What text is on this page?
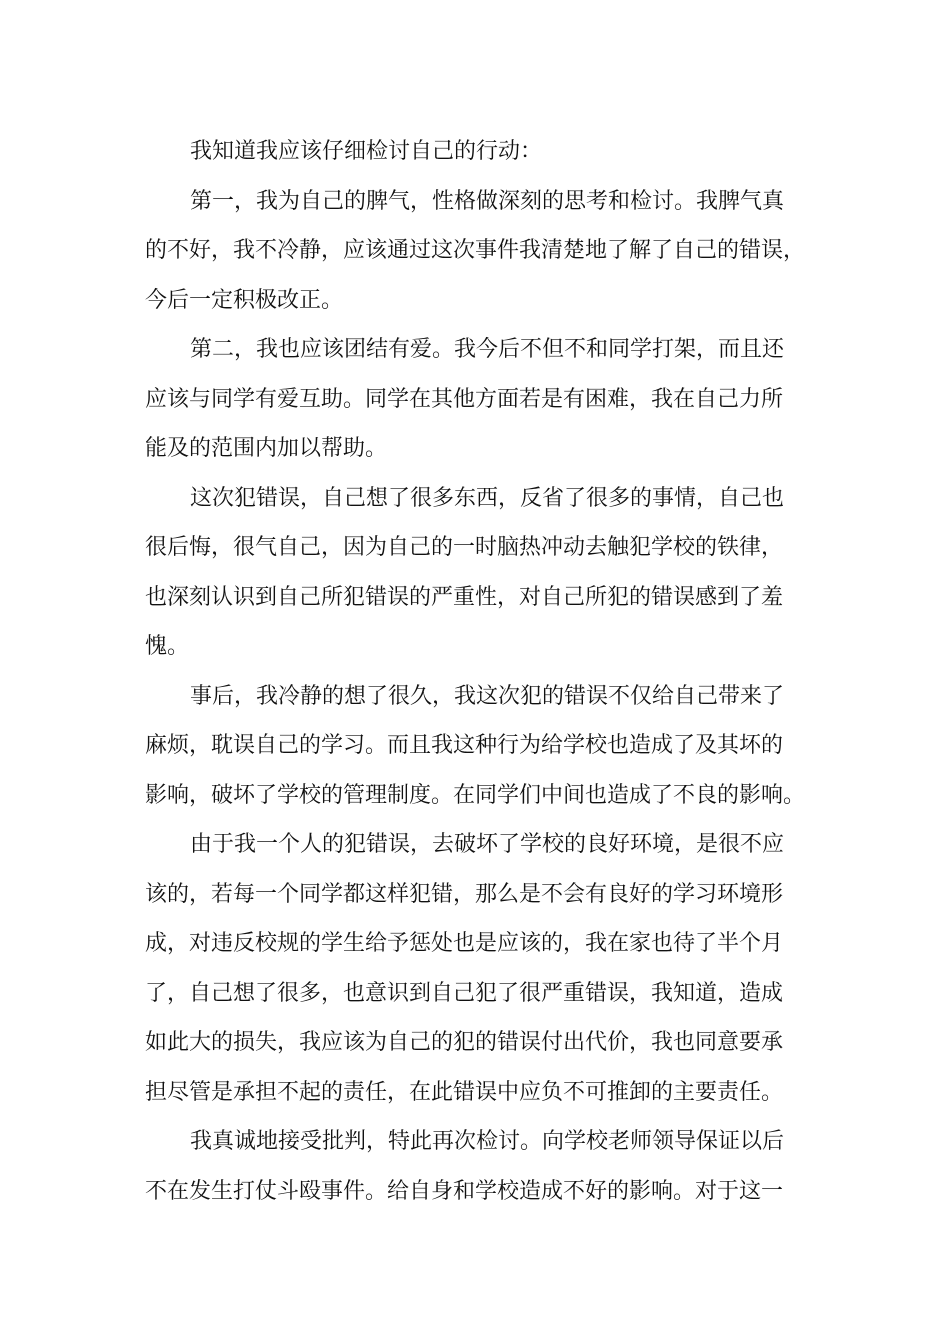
我知道我应该仔细检讨自己的行动：
第一，我为自己的脾气，性格做深刻的思考和检讨。我脾气真
的不好，我不冷静，应该通过这次事件我清楚地了解了自己的错误，
今后一定积极改正。
第二，我也应该团结有爱。我今后不但不和同学打架，而且还
应该与同学有爱互助。同学在其他方面若是有困难，我在自己力所
能及的范围内加以帮助。
这次犯错误，自己想了很多东西，反省了很多的事情，自己也
很后悔，很气自己，因为自己的一时脑热冲动去触犯学校的铁律，
也深刻认识到自己所犯错误的严重性，对自己所犯的错误感到了羞
愧。
事后，我冷静的想了很久，我这次犯的错误不仅给自己带来了
麻烦，耽误自己的学习。而且我这种行为给学校也造成了及其坏的
影响，破坏了学校的管理制度。在同学们中间也造成了不良的影响。
由于我一个人的犯错误，去破坏了学校的良好环境，是很不应
该的，若每一个同学都这样犯错，那么是不会有良好的学习环境形
成，对违反校规的学生给予惩处也是应该的，我在家也待了半个月
了，自己想了很多，也意识到自己犯了很严重错误，我知道，造成
如此大的损失，我应该为自己的犯的错误付出代价，我也同意要承
担尽管是承担不起的责任，在此错误中应负不可推卸的主要责任。
我真诚地接受批判，特此再次检讨。向学校老师领导保证以后
不在发生打仗斗殴事件。给自身和学校造成不好的影响。对于这一
